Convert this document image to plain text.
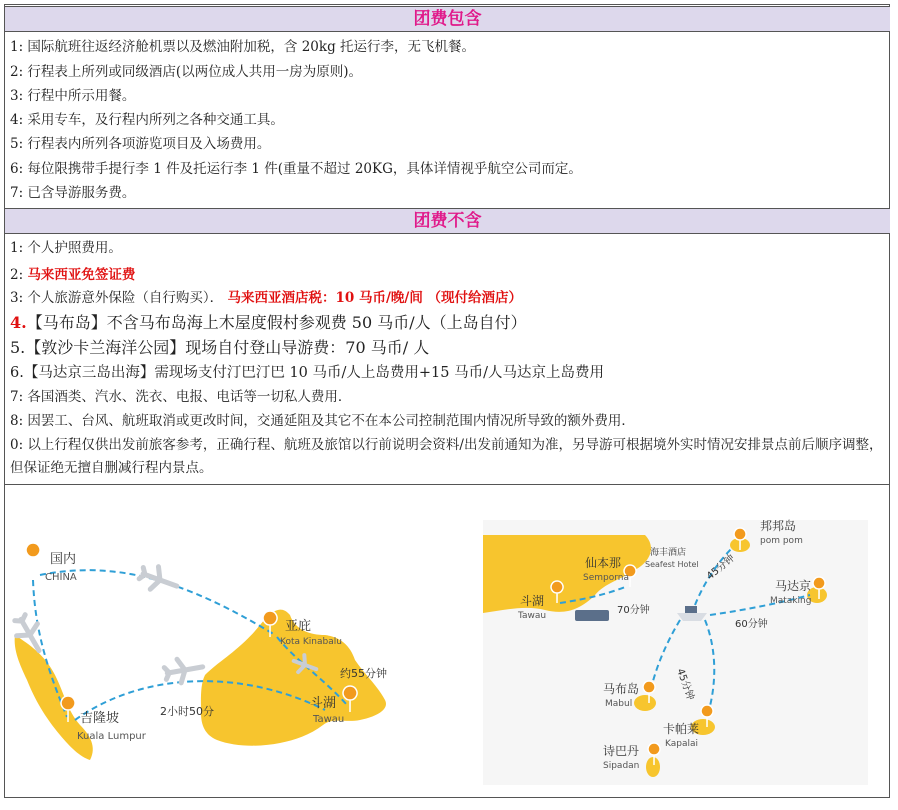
团费包含
1: 国际航班往返经济舱机票以及燃油附加税，含 20kg 托运行李，无飞机餐。
2: 行程表上所列或同级酒店(以两位成人共用一房为原则)。
3: 行程中所示用餐。
4: 采用专车，及行程内所列之各种交通工具。
5: 行程表内所列各项游览项目及入场费用。
6: 每位限携带手提行李 1 件及托运行李 1 件(重量不超过 20KG，具体详情视乎航空公司而定。
7: 已含导游服务费。
团费不含
1: 个人护照费用。
2: 马来西亚免签证费
3: 个人旅游意外保险（自行购买）． 马来西亚酒店税：10 马币/晚/间 （现付给酒店）
4.【马布岛】不含马布岛海上木屋度假村参观费 50 马币/人（上岛自付）
5.【敦沙卡兰海洋公园】现场自付登山导游费：70 马币/ 人
6.【马达京三岛出海】需现场支付汀巴汀巴 10 马币/人上岛费用+15 马币/人马达京上岛费用
7: 各国酒类、汽水、洗衣、电报、电话等一切私人费用．
8: 因罢工、台风、航班取消或更改时间，交通延阻及其它不在本公司控制范围内情况所导致的额外费用．
0: 以上行程仅供出发前旅客参考，正确行程、航班及旅馆以行前说明会资料/出发前通知为准，另导游可根据境外实时情况安排景点前后顺序调整，但保证绝无擅自删减行程内景点。
国内
CHINA
亚庇
Kota Kinabalu
约55分钟
吉隆坡
Kuala Lumpur
2小时50分
斗湖
Tawau
斗湖
Tawau
仙本那
Semporna
海丰酒店
Seafest Hotel
70分钟
邦邦岛
pom pom
45分钟
马达京
Mataking
60分钟
45分钟
马布岛
Mabul
卡帕莱
Kapalai
诗巴丹
Sipadan
